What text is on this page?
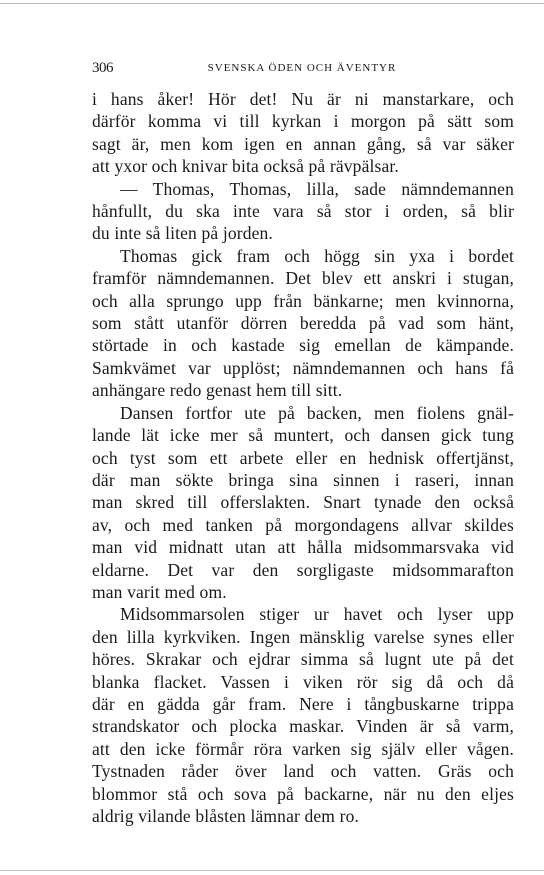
306	SVENSKA ÖDEN OCH ÄVENTYR
i hans åker! Hör det! Nu är ni manstarkare, och
därför komma vi till kyrkan i morgon på sätt som
sagt är, men kom igen en annan gång, så var säker
att yxor och knivar bita också på rävpälsar.
— Thomas, Thomas, lilla, sade nämndemannen
hånfullt, du ska inte vara så stor i orden, så blir
du inte så liten på jorden.
Thomas gick fram och högg sin yxa i bordet
framför nämndemannen. Det blev ett anskri i stugan,
och alla sprungo upp från bänkarne; men kvinnorna,
som stått utanför dörren beredda på vad som hänt,
störtade in och kastade sig emellan de kämpande.
Samkvämet var upplöst; nämndemannen och hans få
anhängare redo genast hem till sitt.
Dansen fortfor ute på backen, men fiolens gnäl-
lande lät icke mer så muntert, och dansen gick tung
och tyst som ett arbete eller en hednisk offertjänst,
där man sökte bringa sina sinnen i raseri, innan
man skred till offerslakten. Snart tynade den också
av, och med tanken på morgondagens allvar skildes
man vid midnatt utan att hålla midsommarsvaka vid
eldarne. Det var den sorgligaste midsommarafton
man varit med om.
Midsommarsolen stiger ur havet och lyser upp
den lilla kyrkviken. Ingen mänsklig varelse synes eller
höres. Skrakar och ejdrar simma så lugnt ute på det
blanka flacket. Vassen i viken rör sig då och då
där en gädda går fram. Nere i tångbuskarne trippa
strandskator och plocka maskar. Vinden är så varm,
att den icke förmår röra varken sig själv eller vågen.
Tystnaden råder över land och vatten. Gräs och
blommor stå och sova på backarne, när nu den eljes
aldrig vilande blåsten lämnar dem ro.
